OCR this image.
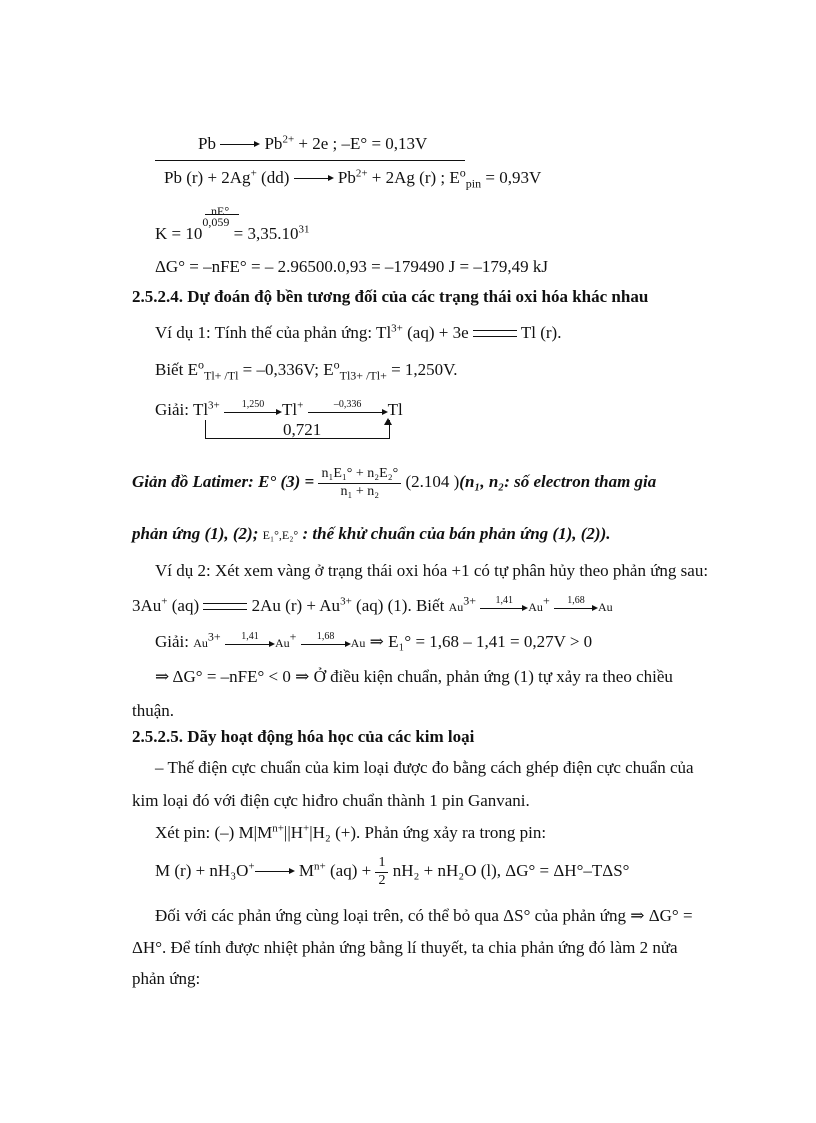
Pb	$Pb^{2+} + 2e$ ; –E° = 0,13V
Pb (r) + 2Ag+ (dd)	$Pb^{2+} + 2Ag$ (r) ; $E^o_{pin} = 0,93V$
nE°
$K = 10^{0,059} = 3,35.10^{31}$
ΔG° = –nFE° = – 2.96500.0,93 = –179490 J = –179,49 kJ
2.5.2.4. Dự đoán độ bền tương đối của các trạng thái oxi hóa khác nhau
Ví dụ 1: Tính thế của phản ứng: $Tl^{3+}$ (aq) + 3e	Tl (r).
Biết $E^o_{Tl+ /Tl} = -0,336V$; $E^o_{Tl3+ /Tl+} = 1,250V$.
Giải: $Tl^{3+}$	1,250	Tl+	–0,336	Tl
0,721
Giản đồ Latimer: E° $(3) = \frac{\text{n₁E₁° + n₂E₂°}}{\text{n₁ + n₂}} (2.104$ )(n₁, n₂: số electron tham gia
phản ứng (1), (2); E₁°,E₂° : thế khử chuẩn của bán phản ứng (1), (2)).
Ví dụ 2: Xét xem vàng ở trạng thái oxi hóa +1 có tự phân hủy theo phản ứng sau:
3Au+ (aq)	2Au $(r) + Au^{3+}$ (aq) (1). Biết $Au^{3+}$	1,41	Au+	1,68	Au
Giải: $Au^{3+}$	1,41	Au+	1,68	Au ⇒ E₁° = 1,68 – 1,41 = 0,27V > 0
⇒ ΔG° = –nFE° < 0 ⇒ Ở điều kiện chuẩn, phản ứng (1) tự xảy ra theo chiều
thuận.
2.5.2.5. Dãy hoạt động hóa học của các kim loại
– Thế điện cực chuẩn của kim loại được đo bằng cách ghép điện cực chuẩn của
kim loại đó với điện cực hiđro chuẩn thành 1 pin Ganvani.
Xét pin: (–) $M|M^{n+}||H^+|H_2$ (+). Phản ứng xảy ra trong pin:
M (r) + nH₃O+ $M^{n+}$ $(aq) + \frac{1}{2} nH_2 + nH_2O$ (l), ΔG° = ΔH°–TΔS°
Đối với các phản ứng cùng loại trên, có thể bỏ qua ΔS° của phản ứng ⇒ ΔG° =
ΔH°. Để tính được nhiệt phản ứng bằng lí thuyết, ta chia phản ứng đó làm 2 nửa
phản ứng:
